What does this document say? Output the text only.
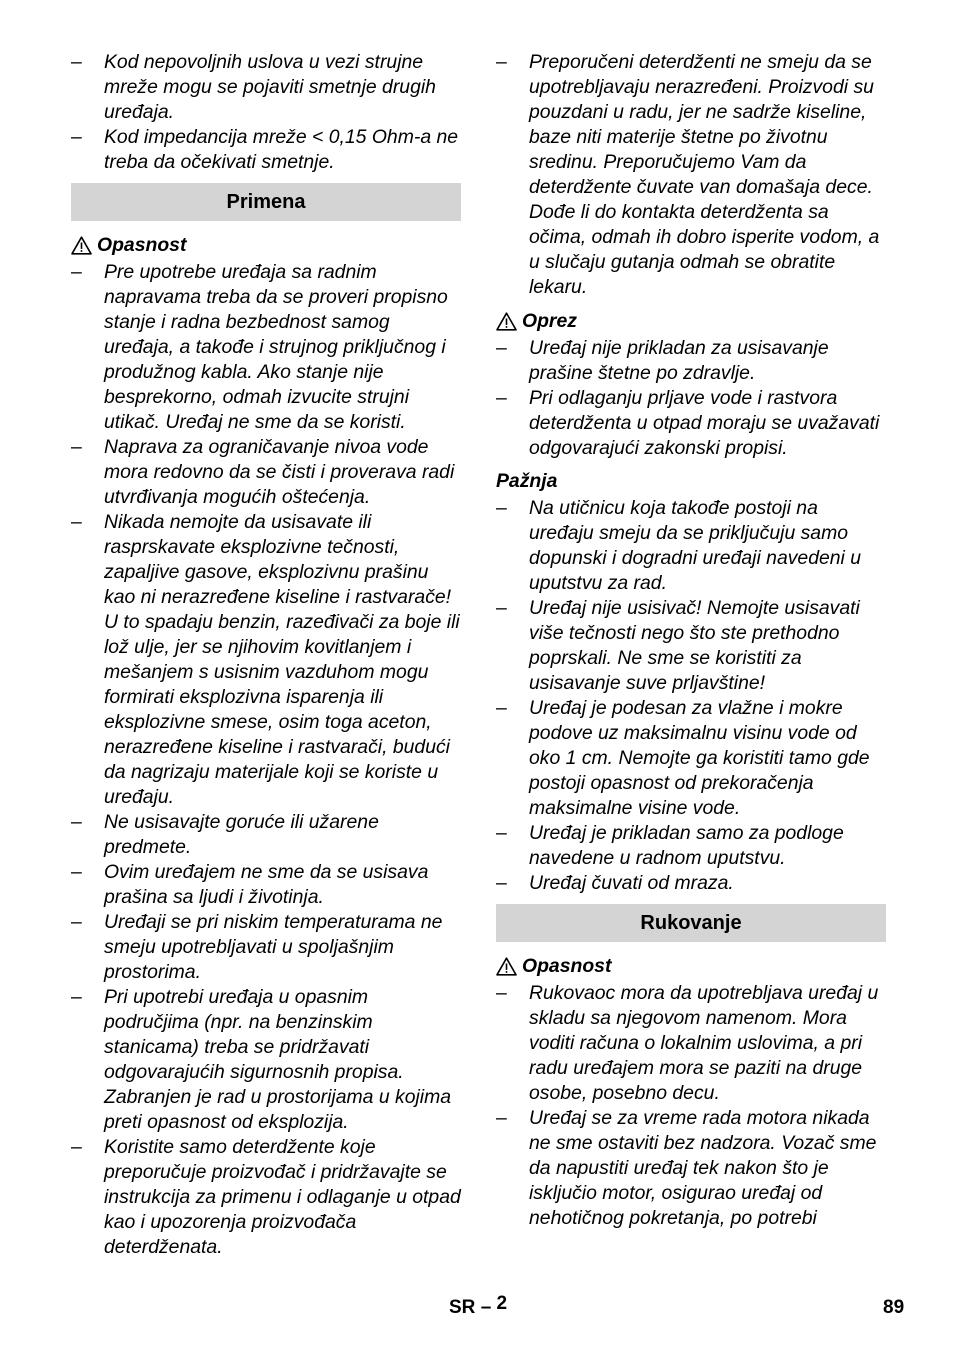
–	Kod nepovoljnih uslova u vezi strujne mreže mogu se pojaviti smetnje drugih uređaja.
–	Kod impedancija mreže < 0,15 Ohm-a ne treba da očekivati smetnje.
Primena
Opasnost
–	Pre upotrebe uređaja sa radnim napravama treba da se proveri propisno stanje i radna bezbednost samog uređaja, a takođe i strujnog priključnog i produžnog kabla. Ako stanje nije besprekorno, odmah izvucite strujni utikač. Uređaj ne sme da se koristi.
–	Naprava za ograničavanje nivoa vode mora redovno da se čisti i proverava radi utvrđivanja mogućih oštećenja.
–	Nikada nemojte da usisavate ili rasprskavate eksplozivne tečnosti, zapaljive gasove, eksplozivnu prašinu kao ni nerazređene kiseline i rastvarače! U to spadaju benzin, razeđivači za boje ili lož ulje, jer se njihovim kovitlanjem i mešanjem s usisnim vazduhom mogu formirati eksplozivna isparenja ili eksplozivne smese, osim toga aceton, nerazređene kiseline i rastvarači, budući da nagrizaju materijale koji se koriste u uređaju.
–	Ne usisavajte goruće ili užarene predmete.
–	Ovim uređajem ne sme da se usisava prašina sa ljudi i životinja.
–	Uređaji se pri niskim temperaturama ne smeju upotrebljavati u spoljašnjim prostorima.
–	Pri upotrebi uređaja u opasnim područjima (npr. na benzinskim stanicama) treba se pridržavati odgovarajućih sigurnosnih propisa. Zabranjen je rad u prostorijama u kojima preti opasnost od eksplozija.
–	Koristite samo deterdžente koje preporučuje proizvođač i pridržavajte se instrukcija za primenu i odlaganje u otpad kao i upozorenja proizvođača deterdženata.
–	Preporučeni deterdženti ne smeju da se upotrebljavaju nerazređeni. Proizvodi su pouzdani u radu, jer ne sadrže kiseline, baze niti materije štetne po životnu sredinu. Preporučujemo Vam da deterdžente čuvate van domašaja dece. Dođe li do kontakta deterdženta sa očima, odmah ih dobro isperite vodom, a u slučaju gutanja odmah se obratite lekaru.
Oprez
–	Uređaj nije prikladan za usisavanje prašine štetne po zdravlje.
–	Pri odlaganju prljave vode i rastvora deterdženta u otpad moraju se uvažavati odgovarajući zakonski propisi.
Pažnja
–	Na utičnicu koja takođe postoji na uređaju smeju da se priključuju samo dopunski i dogradni uređaji navedeni u uputstvu za rad.
–	Uređaj nije usisivač! Nemojte usisavati više tečnosti nego što ste prethodno poprskali. Ne sme se koristiti za usisavanje suve prljavštine!
–	Uređaj je podesan za vlažne i mokre podove uz maksimalnu visinu vode od oko 1 cm. Nemojte ga koristiti tamo gde postoji opasnost od prekoračenja maksimalne visine vode.
–	Uređaj je prikladan samo za podloge navedene u radnom uputstvu.
–	Uređaj čuvati od mraza.
Rukovanje
Opasnost
–	Rukovaoc mora da upotrebljava uređaj u skladu sa njegovom namenom. Mora voditi računa o lokalnim uslovima, a pri radu uređajem mora se paziti na druge osobe, posebno decu.
–	Uređaj se za vreme rada motora nikada ne sme ostaviti bez nadzora. Vozač sme da napustiti uređaj tek nakon što je isključio motor, osigurao uređaj od nehotičnog pokretanja, po potrebi
SR – 2	89
